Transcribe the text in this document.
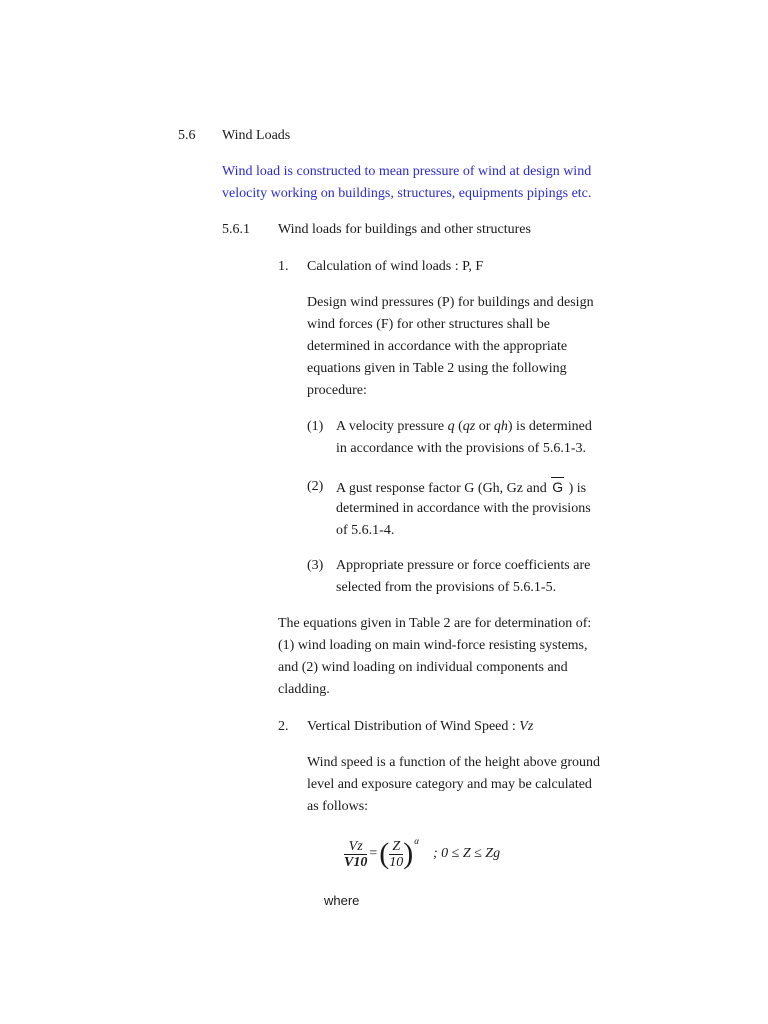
5.6 Wind Loads
Wind load is constructed to mean pressure of wind at design wind
velocity working on buildings, structures, equipments pipings etc.
5.6.1 Wind loads for buildings and other structures
1. Calculation of wind loads : P, F
Design wind pressures (P) for buildings and design
wind forces (F) for other structures shall be
determined in accordance with the appropriate
equations given in Table 2 using the following
procedure:
(1) A velocity pressure q (qz or qh) is determined
in accordance with the provisions of 5.6.1-3.
(2) A gust response factor G (Gh, Gz and G ) is
determined in accordance with the provisions
of 5.6.1-4.
(3) Appropriate pressure or force coefficients are
selected from the provisions of 5.6.1-5.
The equations given in Table 2 are for determination of:
(1) wind loading on main wind-force resisting systems,
and (2) wind loading on individual components and
cladding.
2. Vertical Distribution of Wind Speed : Vz
Wind speed is a function of the height above ground
level and exposure category and may be calculated
as follows:
$\frac{Vz}{V10}$ = ( $\frac{Z}{10}$ ) α
; 0 ≤ Z ≤ Zg
where
